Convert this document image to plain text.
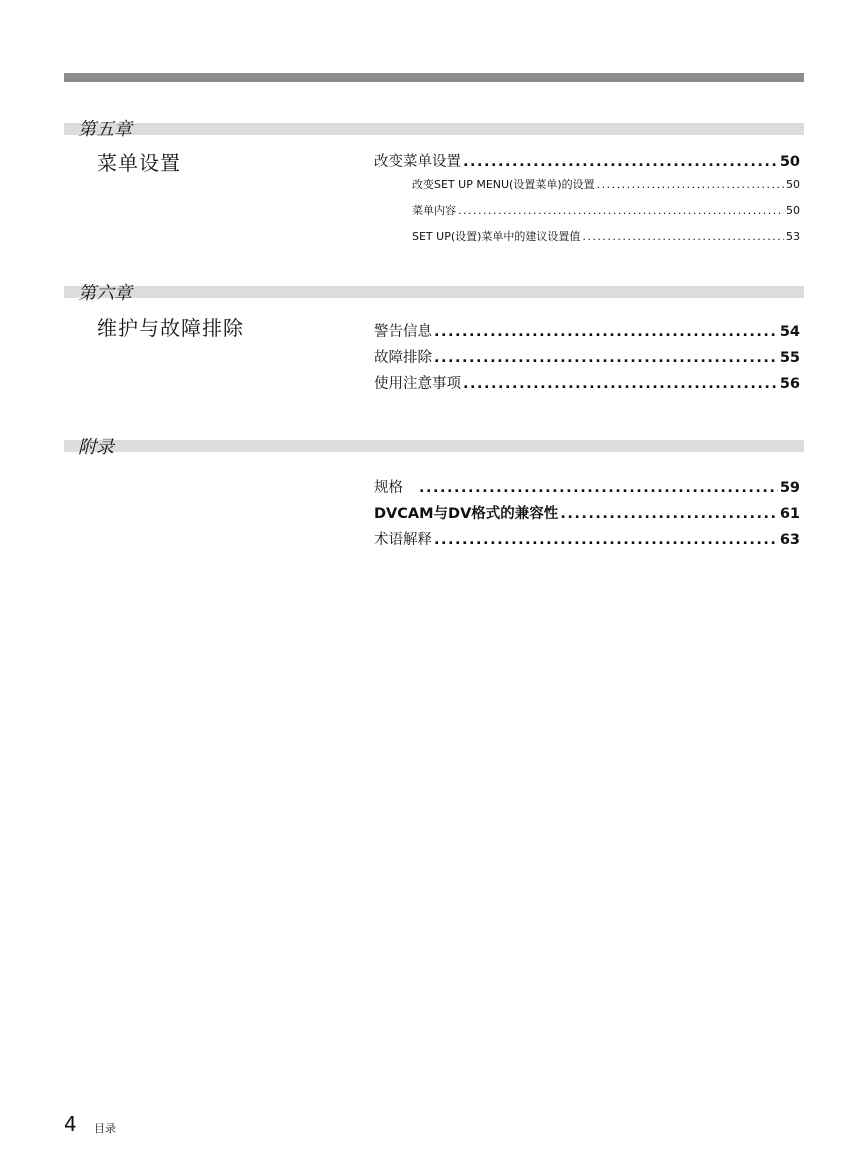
第五章
菜单设置	改变菜单设置 .....	50
改变SET UP MENU(设置菜单)的设置 .....	50
菜单内容 .....	50
SET UP(设置)菜单中的建议设置值 .....	53
第六章
维护与故障排除	警告信息 .....	54
故障排除 .....	55
使用注意事项 .....	56
附录
规格 .....	59
DVCAM与DV格式的兼容性 .....	61
术语解释 .....	63
4 目录
